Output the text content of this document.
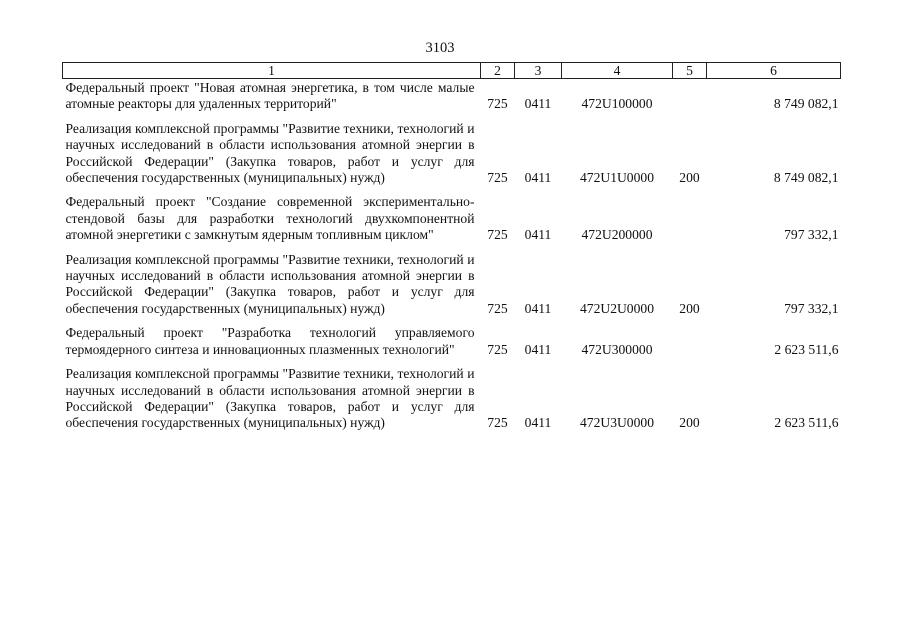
3103
1	2	3	4	5	6
Федеральный проект "Новая атомная энергетика, в том числе малые атомные реакторы для удаленных территорий"	725	0411	472U100000		8 749 082,1
Реализация комплексной программы "Развитие техники, технологий и научных исследований в области использования атомной энергии в Российской Федерации" (Закупка товаров, работ и услуг для обеспечения государственных (муниципальных) нужд)	725	0411	472U1U0000	200	8 749 082,1
Федеральный проект "Создание современной экспериментально-стендовой базы для разработки технологий двухкомпонентной атомной энергетики с замкнутым ядерным топливным циклом"	725	0411	472U200000		797 332,1
Реализация комплексной программы "Развитие техники, технологий и научных исследований в области использования атомной энергии в Российской Федерации" (Закупка товаров, работ и услуг для обеспечения государственных (муниципальных) нужд)	725	0411	472U2U0000	200	797 332,1
Федеральный проект "Разработка технологий управляемого термоядерного синтеза и инновационных плазменных технологий"	725	0411	472U300000		2 623 511,6
Реализация комплексной программы "Развитие техники, технологий и научных исследований в области использования атомной энергии в Российской Федерации" (Закупка товаров, работ и услуг для обеспечения государственных (муниципальных) нужд)	725	0411	472U3U0000	200	2 623 511,6
